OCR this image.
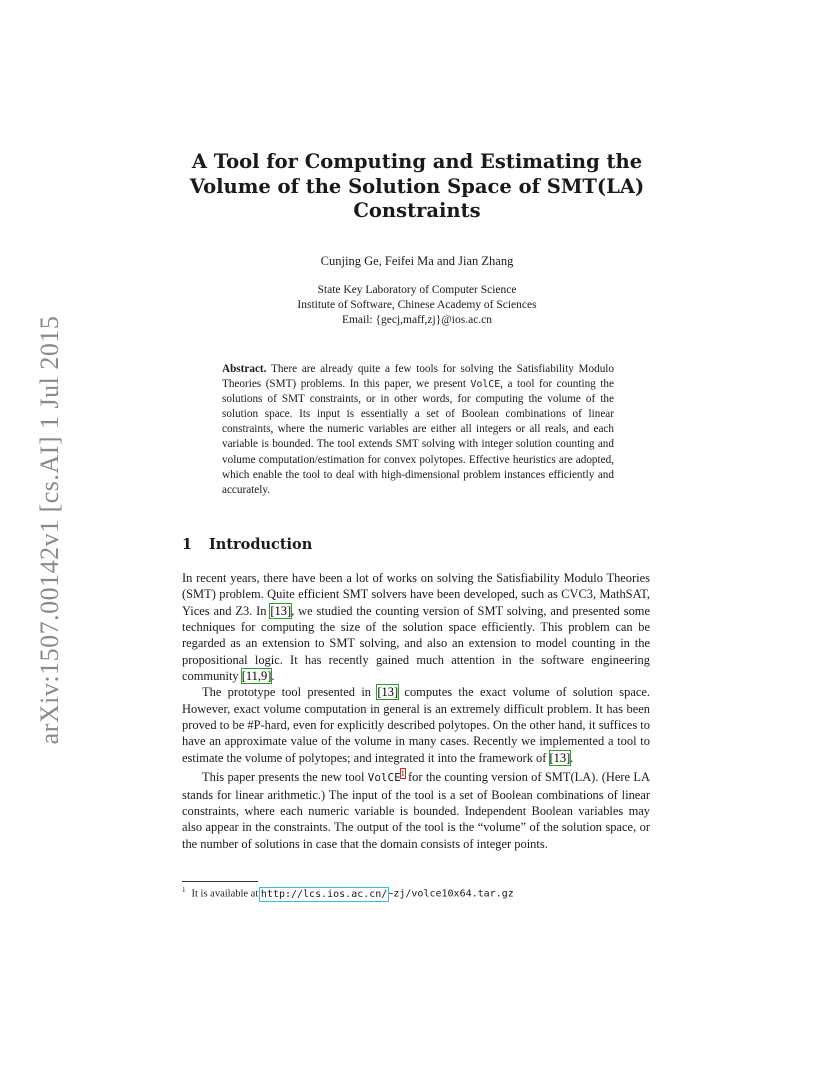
arXiv:1507.00142v1 [cs.AI] 1 Jul 2015
A Tool for Computing and Estimating the
Volume of the Solution Space of SMT(LA)
Constraints
Cunjing Ge, Feifei Ma and Jian Zhang
State Key Laboratory of Computer Science
Institute of Software, Chinese Academy of Sciences
Email: {gecj,maff,zj}@ios.ac.cn
Abstract. There are already quite a few tools for solving the Satisfiability Modulo Theories (SMT) problems. In this paper, we present VolCE, a tool for counting the solutions of SMT constraints, or in other words, for computing the volume of the solution space. Its input is essentially a set of Boolean combinations of linear constraints, where the numeric variables are either all integers or all reals, and each variable is bounded. The tool extends SMT solving with integer solution counting and volume computation/estimation for convex polytopes. Effective heuristics are adopted, which enable the tool to deal with high-dimensional problem instances efficiently and accurately.
1 Introduction

In recent years, there have been a lot of works on solving the Satisfiability Modulo Theories (SMT) problem. Quite efficient SMT solvers have been developed, such as CVC3, MathSAT, Yices and Z3. In [13], we studied the counting version of SMT solving, and presented some techniques for computing the size of the solution space efficiently. This problem can be regarded as an extension to SMT solving, and also an extension to model counting in the propositional logic. It has recently gained much attention in the software engineering community [11,9].

The prototype tool presented in [13] computes the exact volume of solution space. However, exact volume computation in general is an extremely difficult problem. It has been proved to be #P-hard, even for explicitly described polytopes. On the other hand, it suffices to have an approximate value of the volume in many cases. Recently we implemented a tool to estimate the volume of polytopes; and integrated it into the framework of [13].

This paper presents the new tool VolCE$^1$ for the counting version of SMT(LA). (Here LA stands for linear arithmetic.) The input of the tool is a set of Boolean combinations of linear constraints, where each numeric variable is bounded. Independent Boolean variables may also appear in the constraints. The output of the tool is the “volume” of the solution space, or the number of solutions in case that the domain consists of integer points.

$^1$ It is available at http://lcs.ios.ac.cn/~zj/volce10x64.tar.gz
